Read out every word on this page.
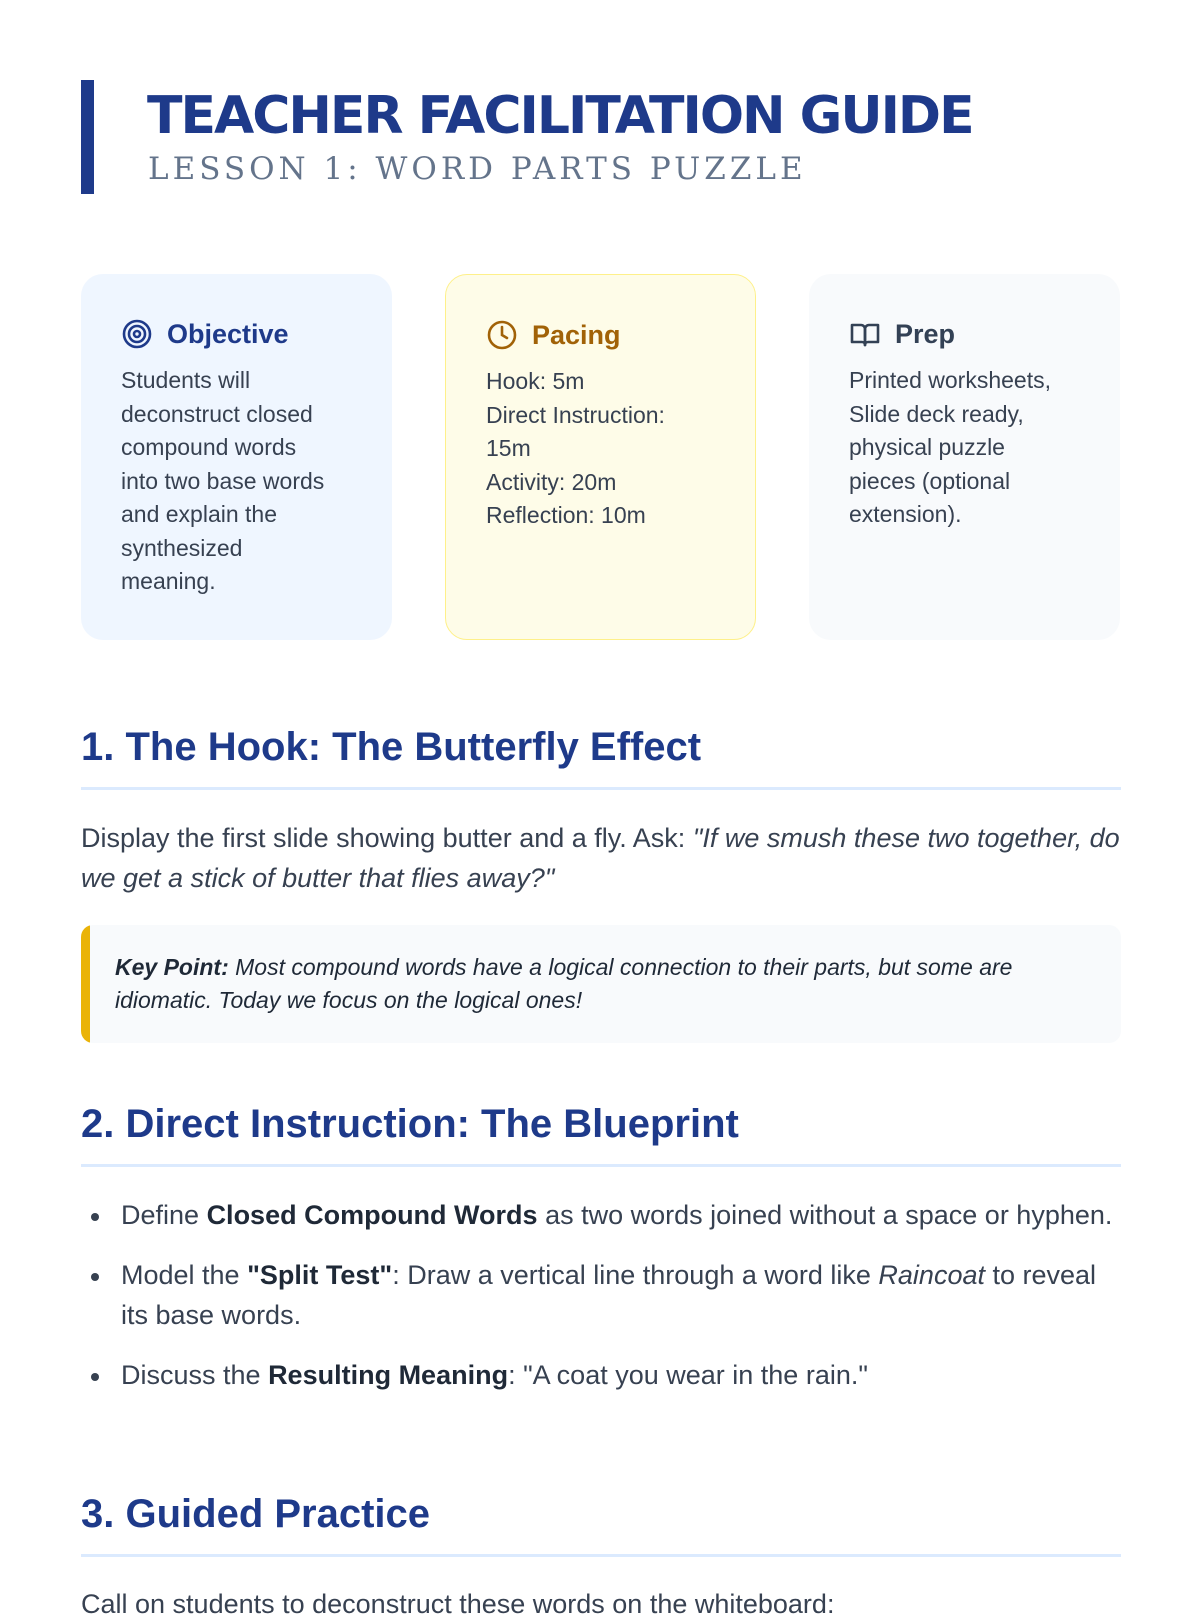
TEACHER FACILITATION GUIDE
LESSON 1: WORD PARTS PUZZLE
Objective
Students will
deconstruct closed
compound words
into two base words
and explain the
synthesized
meaning.
Pacing
Hook: 5m
Direct Instruction:
15m
Activity: 20m
Reflection: 10m
Prep
Printed worksheets,
Slide deck ready,
physical puzzle
pieces (optional
extension).
1. The Hook: The Butterfly Effect

Display the first slide showing butter and a fly. Ask: "If we smush these two together, do we get a stick of butter that flies away?"

Key Point: Most compound words have a logical connection to their parts, but some are idiomatic. Today we focus on the logical ones!
2. Direct Instruction: The Blueprint
Define Closed Compound Words as two words joined without a space or hyphen.
Model the "Split Test": Draw a vertical line through a word like Raincoat to reveal its base words.
Discuss the Resulting Meaning: "A coat you wear in the rain."
3. Guided Practice

Call on students to deconstruct these words on the whiteboard:
